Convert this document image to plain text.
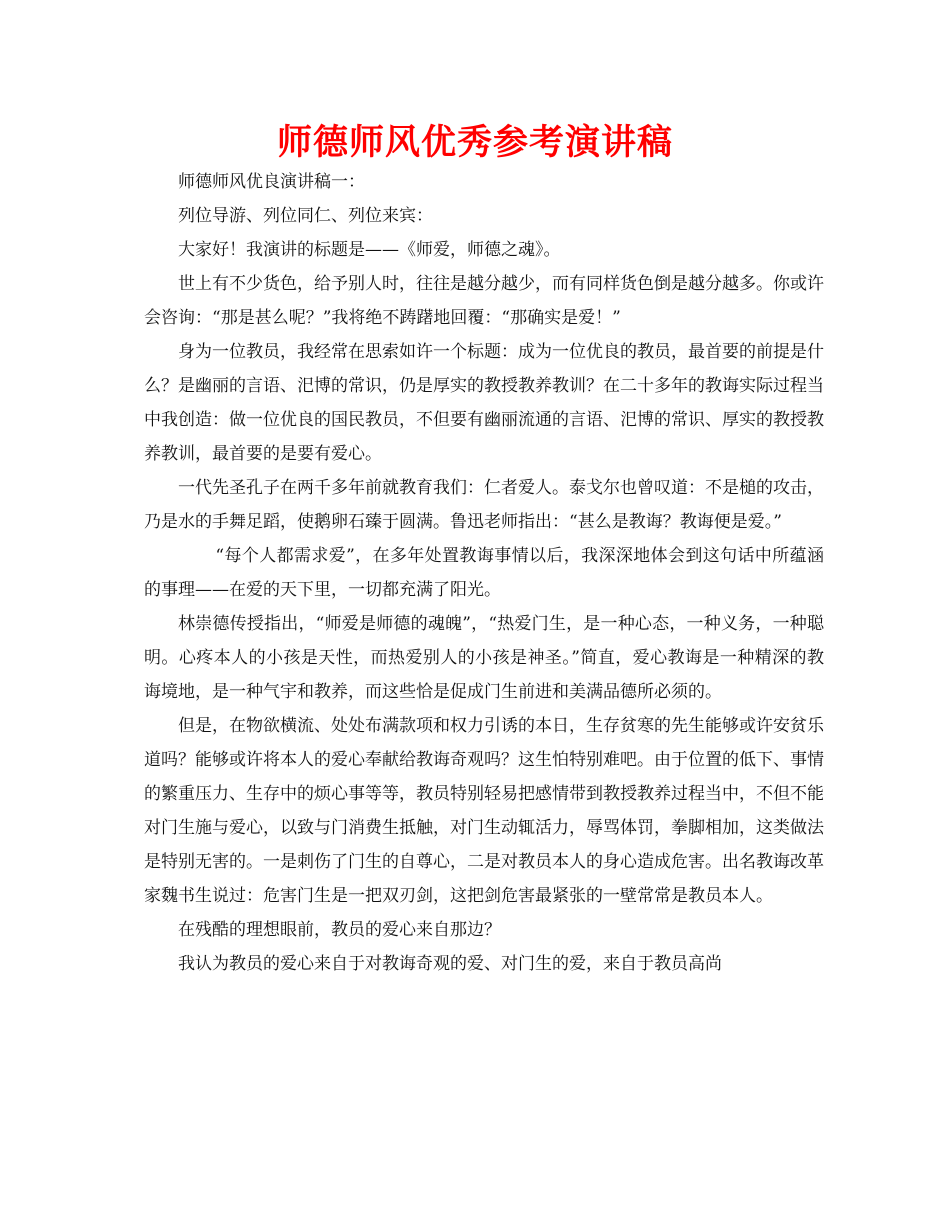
师德师风优秀参考演讲稿

师德师风优良演讲稿一：

列位导游、列位同仁、列位来宾：

大家好！我演讲的标题是——《师爱，师德之魂》。

世上有不少货色，给予别人时，往往是越分越少，而有同样货色倒是越分越多。你或许会咨询：“那是甚么呢？”我将绝不踌躇地回覆：“那确实是爱！”

身为一位教员，我经常在思索如许一个标题：成为一位优良的教员，最首要的前提是什么？是幽丽的言语、汜博的常识，仍是厚实的教授教养教训？在二十多年的教诲实际过程当中我创造：做一位优良的国民教员，不但要有幽丽流通的言语、汜博的常识、厚实的教授教养教训，最首要的是要有爱心。

一代先圣孔子在两千多年前就教育我们：仁者爱人。泰戈尔也曾叹道：不是槌的攻击，乃是水的手舞足蹈，使鹅卵石臻于圆满。鲁迅老师指出：“甚么是教诲？教诲便是爱。”

“每个人都需求爱”，在多年处置教诲事情以后，我深深地体会到这句话中所蕴涵的事理——在爱的天下里，一切都充满了阳光。

林崇德传授指出，“师爱是师德的魂魄”，“热爱门生，是一种心态，一种义务，一种聪明。心疼本人的小孩是天性，而热爱别人的小孩是神圣。”简直，爱心教诲是一种精深的教诲境地，是一种气宇和教养，而这些恰是促成门生前进和美满品德所必须的。

但是，在物欲横流、处处布满款项和权力引诱的本日，生存贫寒的先生能够或许安贫乐道吗？能够或许将本人的爱心奉献给教诲奇观吗？这生怕特别难吧。由于位置的低下、事情的繁重压力、生存中的烦心事等等，教员特别轻易把感情带到教授教养过程当中，不但不能对门生施与爱心，以致与门消费生抵触，对门生动辄活力，辱骂体罚，拳脚相加，这类做法是特别无害的。一是刺伤了门生的自尊心，二是对教员本人的身心造成危害。出名教诲改革家魏书生说过：危害门生是一把双刃剑，这把剑危害最紧张的一壁常常是教员本人。

在残酷的理想眼前，教员的爱心来自那边？

我认为教员的爱心来自于对教诲奇观的爱、对门生的爱，来自于教员高尚
